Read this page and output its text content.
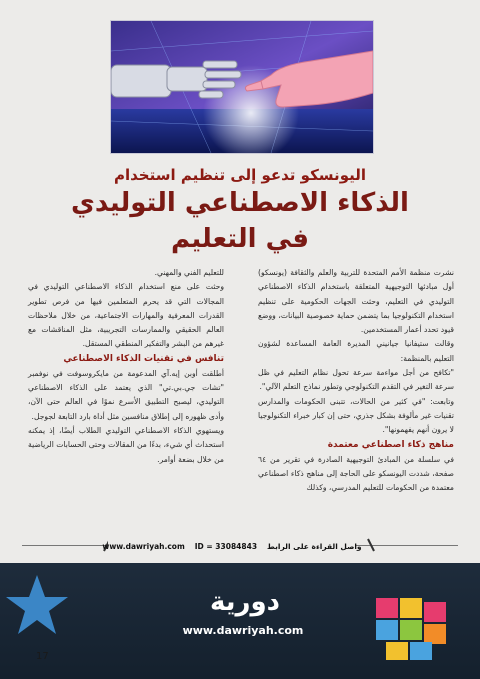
اليونسكو تدعو إلى تنظيم استخدام
الذكاء الاصطناعي التوليدي
في التعليم

نشرت منظمة الأمم المتحدة للتربية والعلم والثقافة (يونسكو) أول مبادئها التوجيهية المتعلقة باستخدام الذكاء الاصطناعي التوليدي في التعليم، وحثت الجهات الحكومية على تنظيم استخدام التكنولوجيا بما يتضمن حماية خصوصية البيانات، ووضع قيود تحدد أعمار المستخدمين.

وقالت ستيفانيا جيانيني المديرة العامة المساعدة لشؤون التعليم بالمنظمة:

"تكافح من أجل مواءمة سرعة تحول نظام التعليم في ظل سرعة التغير في التقدم التكنولوجي وتطور نماذج التعلم الآلي".

وتابعت: "في كثير من الحالات، تتبنى الحكومات والمدارس تقنيات غير مألوفة بشكل جذري، حتى إن كبار خبراء التكنولوجيا لا يرون أنهم يفهمونها".

مناهج ذكاء اصطناعي معتمدة

في سلسلة من المبادئ التوجيهية الصادرة في تقرير من ٦٤ صفحة، شددت اليونسكو على الحاجة إلى مناهج ذكاء اصطناعي معتمدة من الحكومات للتعليم المدرسي، وكذلك

للتعليم الفني والمهني.

وحثت على منع استخدام الذكاء الاصطناعي التوليدي في المجالات التي قد يحرم المتعلمين فيها من فرص تطوير القدرات المعرفية والمهارات الاجتماعية، من خلال ملاحظات العالم الحقيقي والممارسات التجريبية، مثل المناقشات مع غيرهم من البشر والتفكير المنطقي المستقل.

تنافس في تقنيات الذكاء الاصطناعي

أطلقت أوبن إيه.آي المدعومة من مايكروسوفت في نوفمبر "تشات جي.بي.تي" الذي يعتمد على الذكاء الاصطناعي التوليدي، ليصبح التطبيق الأسرع نموًا في العالم حتى الآن، وأدى ظهوره إلى إطلاق منافسين مثل أداة بارد التابعة لجوجل.

ويستهوي الذكاء الاصطناعي التوليدي الطلاب أيضًا، إذ يمكنه استحداث أي شيء، بدءًا من المقالات وحتى الحسابات الرياضية من خلال بضعة أوامر.

واصل القراءة على الرابط
ID = 33084843
www.dawriyah.com
17
دورية
www.dawriyah.com
